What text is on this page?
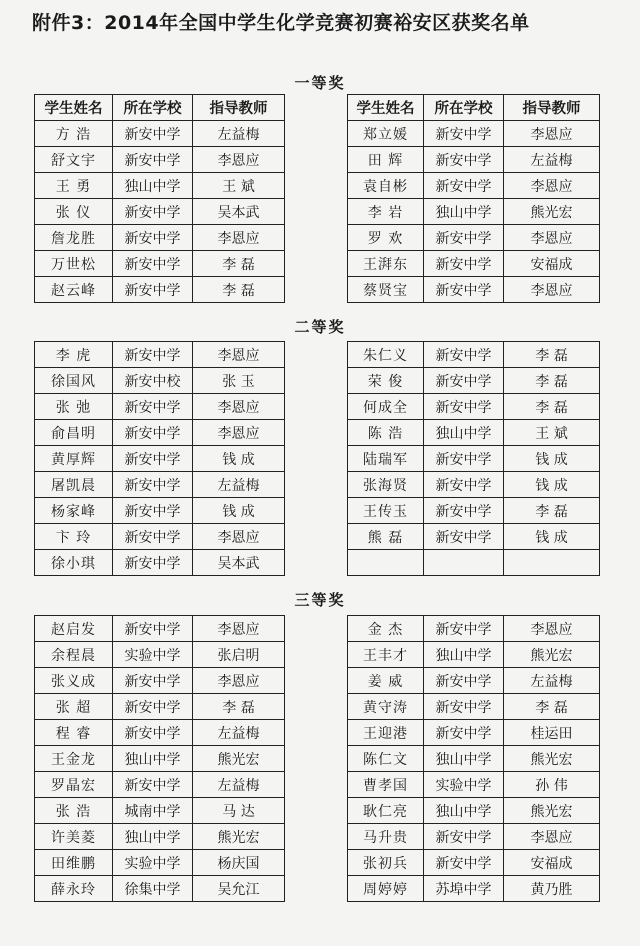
附件3：2014年全国中学生化学竞赛初赛裕安区获奖名单
一等奖
学生姓名	所在学校	指导教师
方 浩	新安中学	左益梅
舒文宇	新安中学	李恩应
王 勇	独山中学	王 斌
张 仪	新安中学	吴本武
詹龙胜	新安中学	李恩应
万世松	新安中学	李 磊
赵云峰	新安中学	李 磊
学生姓名	所在学校	指导教师
郑立媛	新安中学	李恩应
田 辉	新安中学	左益梅
袁自彬	新安中学	李恩应
李 岩	独山中学	熊光宏
罗 欢	新安中学	李恩应
王湃东	新安中学	安福成
蔡贤宝	新安中学	李恩应
二等奖
李 虎	新安中学	李恩应
徐国风	新安中校	张 玉
张 弛	新安中学	李恩应
俞昌明	新安中学	李恩应
黄厚辉	新安中学	钱 成
屠凯晨	新安中学	左益梅
杨家峰	新安中学	钱 成
卞 玲	新安中学	李恩应
徐小琪	新安中学	吴本武
朱仁义	新安中学	李 磊
荣 俊	新安中学	李 磊
何成全	新安中学	李 磊
陈 浩	独山中学	王 斌
陆瑞军	新安中学	钱 成
张海贤	新安中学	钱 成
王传玉	新安中学	李 磊
熊 磊	新安中学	钱 成

三等奖
赵启发	新安中学	李恩应
余程晨	实验中学	张启明
张义成	新安中学	李恩应
张 超	新安中学	李 磊
程 睿	新安中学	左益梅
王金龙	独山中学	熊光宏
罗晶宏	新安中学	左益梅
张 浩	城南中学	马 达
许美菱	独山中学	熊光宏
田维鹏	实验中学	杨庆国
薛永玲	徐集中学	吴允江
金 杰	新安中学	李恩应
王丰才	独山中学	熊光宏
姜 威	新安中学	左益梅
黄守涛	新安中学	李 磊
王迎港	新安中学	桂运田
陈仁文	独山中学	熊光宏
曹孝国	实验中学	孙 伟
耿仁亮	独山中学	熊光宏
马升贵	新安中学	李恩应
张初兵	新安中学	安福成
周婷婷	苏埠中学	黄乃胜
